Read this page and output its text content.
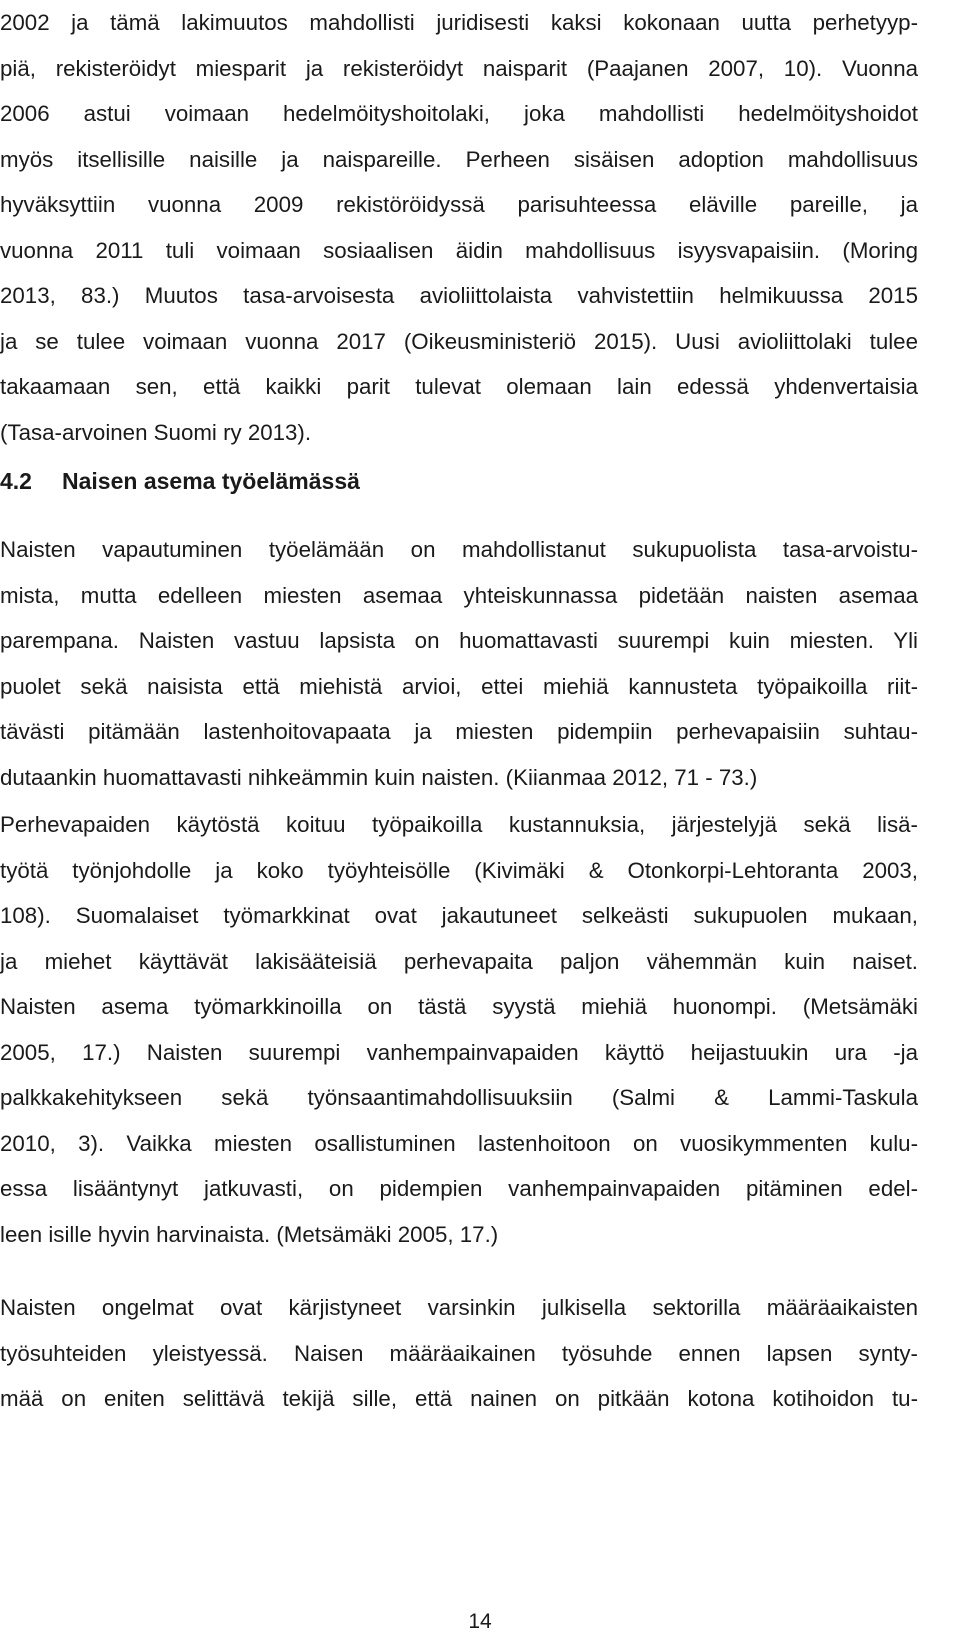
2002 ja tämä lakimuutos mahdollisti juridisesti kaksi kokonaan uutta perhetyyp-
piä, rekisteröidyt miesparit ja rekisteröidyt naisparit (Paajanen 2007, 10). Vuonna
2006 astui voimaan hedelmöityshoitolaki, joka mahdollisti hedelmöityshoidot
myös itsellisille naisille ja naispareille. Perheen sisäisen adoption mahdollisuus
hyväksyttiin vuonna 2009 rekistöröidyssä parisuhteessa eläville pareille, ja
vuonna 2011 tuli voimaan sosiaalisen äidin mahdollisuus isyysvapaisiin. (Moring
2013, 83.) Muutos tasa-arvoisesta avioliittolaista vahvistettiin helmikuussa 2015
ja se tulee voimaan vuonna 2017 (Oikeusministeriö 2015). Uusi avioliittolaki tulee
takaamaan sen, että kaikki parit tulevat olemaan lain edessä yhdenvertaisia
(Tasa-arvoinen Suomi ry 2013).
4.2 Naisen asema työelämässä
Naisten vapautuminen työelämään on mahdollistanut sukupuolista tasa-arvoistu-
mista, mutta edelleen miesten asemaa yhteiskunnassa pidetään naisten asemaa
parempana. Naisten vastuu lapsista on huomattavasti suurempi kuin miesten. Yli
puolet sekä naisista että miehistä arvioi, ettei miehiä kannusteta työpaikoilla riit-
tävästi pitämään lastenhoitovapaata ja miesten pidempiin perhevapaisiin suhtau-
dutaankin huomattavasti nihkeämmin kuin naisten. (Kiianmaa 2012, 71 - 73.)
Perhevapaiden käytöstä koituu työpaikoilla kustannuksia, järjestelyjä sekä lisä-
työtä työnjohdolle ja koko työyhteisölle (Kivimäki & Otonkorpi-Lehtoranta 2003,
108). Suomalaiset työmarkkinat ovat jakautuneet selkeästi sukupuolen mukaan,
ja miehet käyttävät lakisääteisiä perhevapaita paljon vähemmän kuin naiset.
Naisten asema työmarkkinoilla on tästä syystä miehiä huonompi. (Metsämäki
2005, 17.) Naisten suurempi vanhempainvapaiden käyttö heijastuukin ura -ja
palkkakehitykseen sekä työnsaantimahdollisuuksiin (Salmi & Lammi-Taskula
2010, 3). Vaikka miesten osallistuminen lastenhoitoon on vuosikymmenten kulu-
essa lisääntynyt jatkuvasti, on pidempien vanhempainvapaiden pitäminen edel-
leen isille hyvin harvinaista. (Metsämäki 2005, 17.)
Naisten ongelmat ovat kärjistyneet varsinkin julkisella sektorilla määräaikaisten
työsuhteiden yleistyessä. Naisen määräaikainen työsuhde ennen lapsen synty-
mää on eniten selittävä tekijä sille, että nainen on pitkään kotona kotihoidon tu-
14
